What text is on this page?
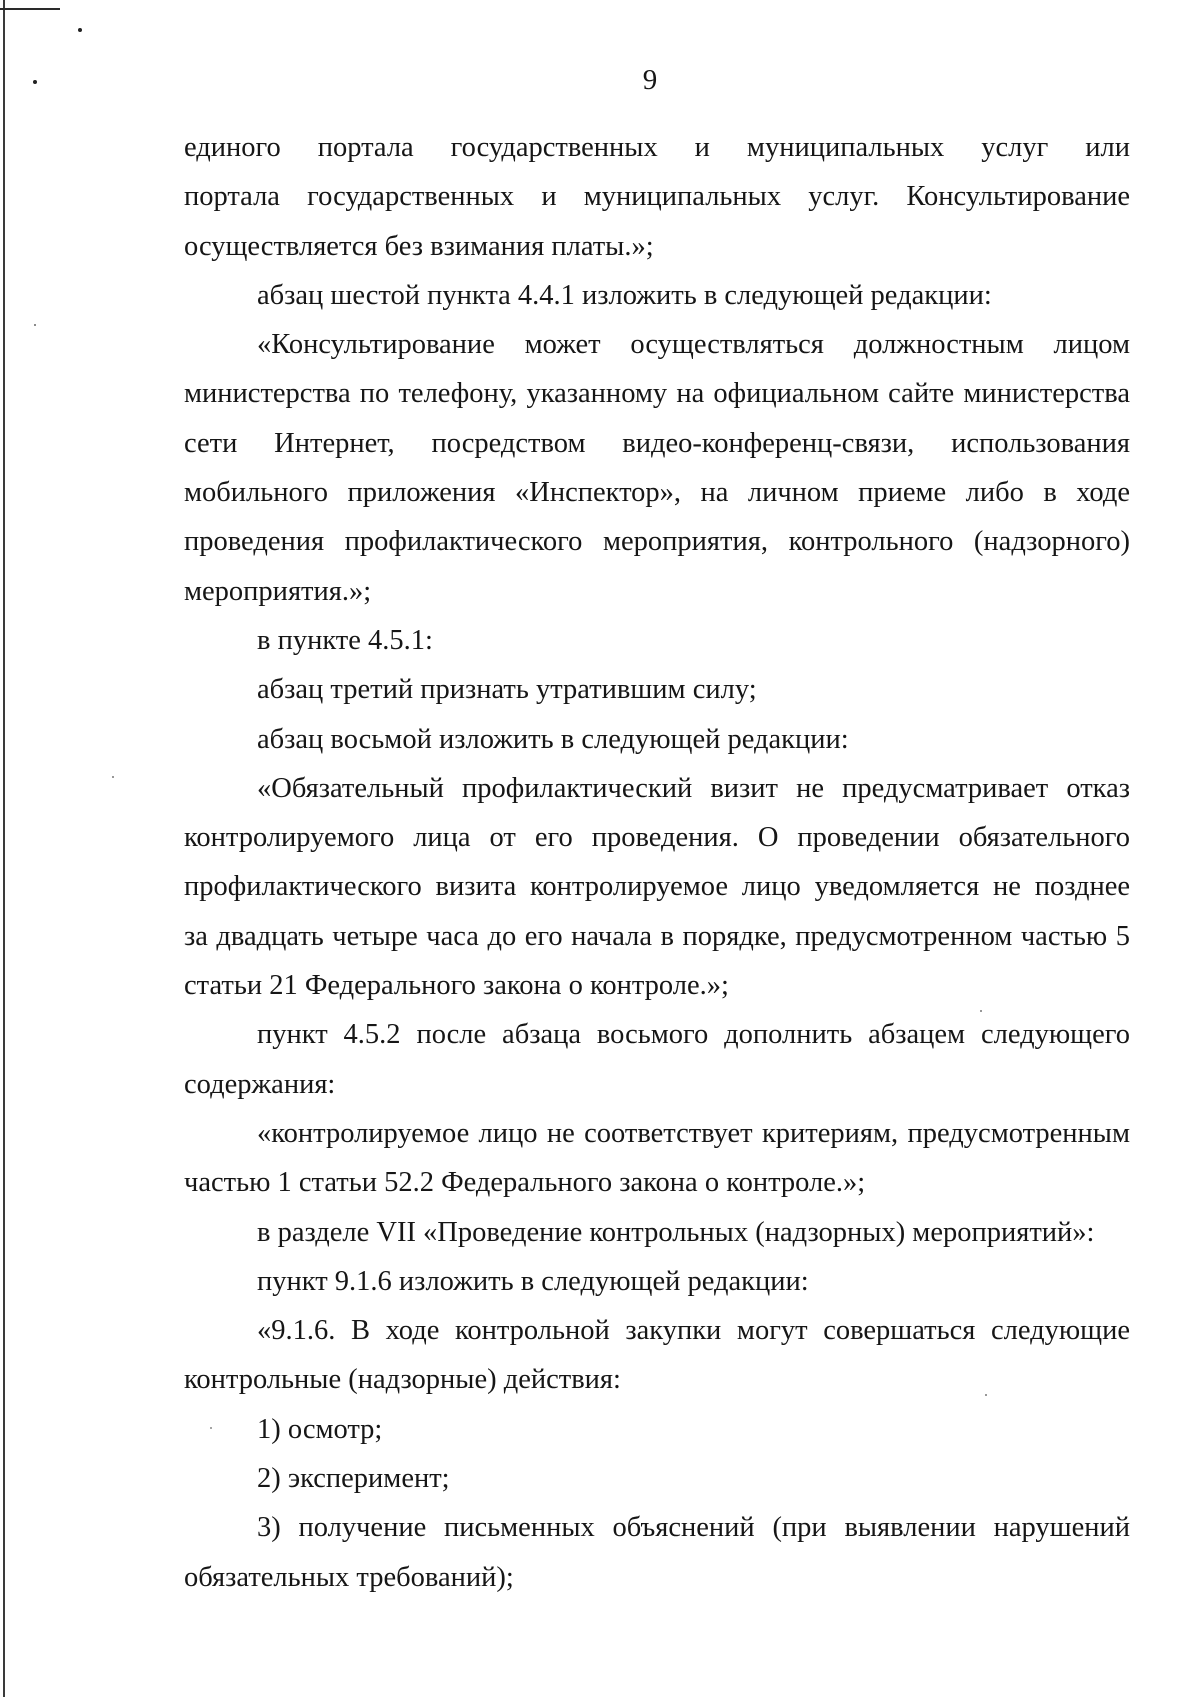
9
единого портала государственных и муниципальных услуг или
портала государственных и муниципальных услуг. Консультирование
осуществляется без взимания платы.»;
абзац шестой пункта 4.4.1 изложить в следующей редакции:
«Консультирование может осуществляться должностным лицом
министерства по телефону, указанному на официальном сайте министерства
сети Интернет, посредством видео-конференц-связи, использования
мобильного приложения «Инспектор», на личном приеме либо в ходе
проведения профилактического мероприятия, контрольного (надзорного)
мероприятия.»;
в пункте 4.5.1:
абзац третий признать утратившим силу;
абзац восьмой изложить в следующей редакции:
«Обязательный профилактический визит не предусматривает отказ
контролируемого лица от его проведения. О проведении обязательного
профилактического визита контролируемое лицо уведомляется не позднее
за двадцать четыре часа до его начала в порядке, предусмотренном частью 5
статьи 21 Федерального закона о контроле.»;
пункт 4.5.2 после абзаца восьмого дополнить абзацем следующего
содержания:
«контролируемое лицо не соответствует критериям, предусмотренным
частью 1 статьи 52.2 Федерального закона о контроле.»;
в разделе VII «Проведение контрольных (надзорных) мероприятий»:
пункт 9.1.6 изложить в следующей редакции:
«9.1.6. В ходе контрольной закупки могут совершаться следующие
контрольные (надзорные) действия:
1) осмотр;
2) эксперимент;
3) получение письменных объяснений (при выявлении нарушений
обязательных требований);
